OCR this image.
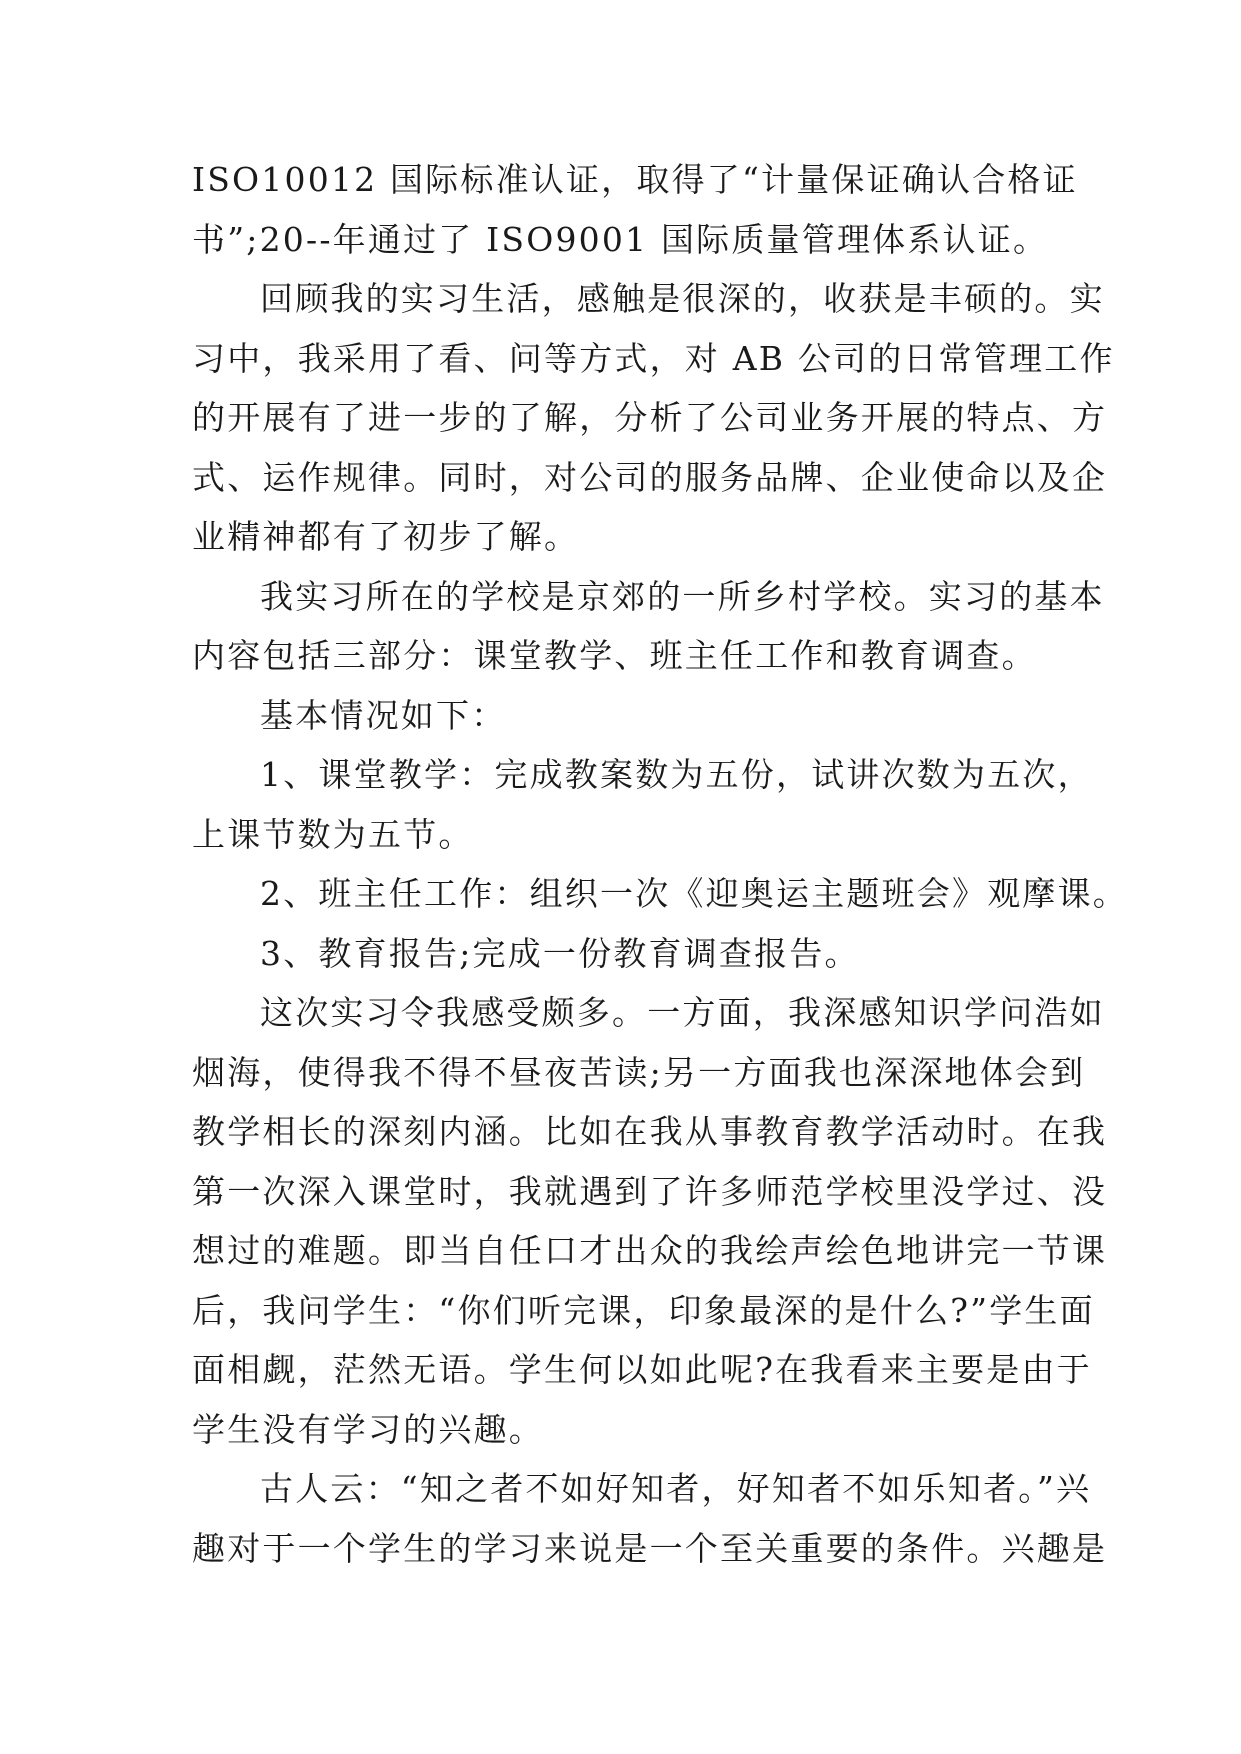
ISO10012 国际标准认证，取得了“计量保证确认合格证
书”;20--年通过了 ISO9001 国际质量管理体系认证。
回顾我的实习生活，感触是很深的，收获是丰硕的。实
习中，我采用了看、问等方式，对 AB 公司的日常管理工作
的开展有了进一步的了解，分析了公司业务开展的特点、方
式、运作规律。同时，对公司的服务品牌、企业使命以及企
业精神都有了初步了解。
我实习所在的学校是京郊的一所乡村学校。实习的基本
内容包括三部分：课堂教学、班主任工作和教育调查。
基本情况如下：
1、课堂教学：完成教案数为五份，试讲次数为五次，
上课节数为五节。
2、班主任工作：组织一次《迎奥运主题班会》观摩课。
3、教育报告;完成一份教育调查报告。
这次实习令我感受颇多。一方面，我深感知识学问浩如
烟海，使得我不得不昼夜苦读;另一方面我也深深地体会到
教学相长的深刻内涵。比如在我从事教育教学活动时。在我
第一次深入课堂时，我就遇到了许多师范学校里没学过、没
想过的难题。即当自任口才出众的我绘声绘色地讲完一节课
后，我问学生：“你们听完课，印象最深的是什么?”学生面
面相觑，茫然无语。学生何以如此呢?在我看来主要是由于
学生没有学习的兴趣。
古人云：“知之者不如好知者，好知者不如乐知者。”兴
趣对于一个学生的学习来说是一个至关重要的条件。兴趣是
